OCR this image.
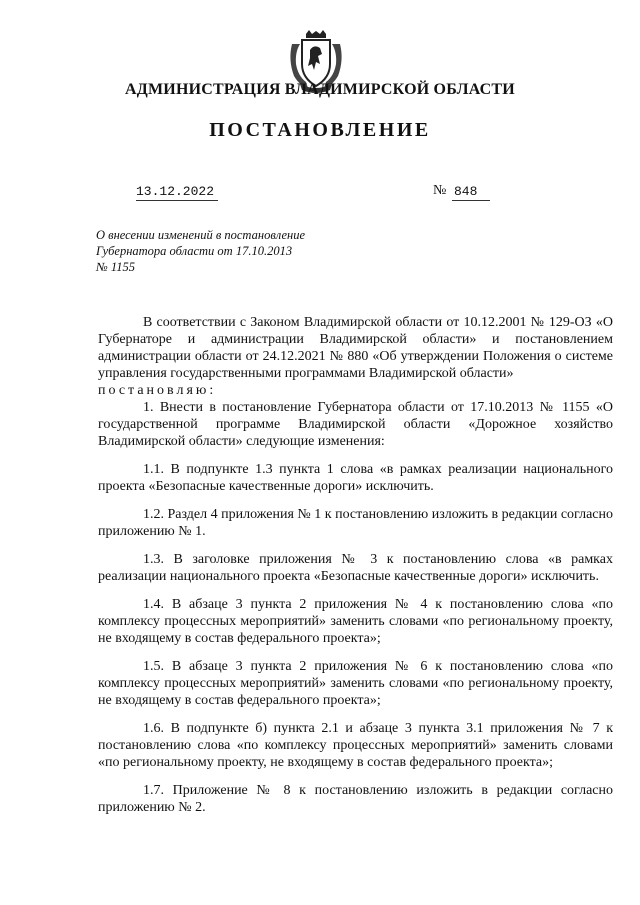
АДМИНИСТРАЦИЯ ВЛАДИМИРСКОЙ ОБЛАСТИ
ПОСТАНОВЛЕНИЕ
13.12.2022	№ 848
О внесении изменений в постановление
Губернатора области от 17.10.2013
№ 1155

В соответствии с Законом Владимирской области от 10.12.2001 № 129-ОЗ «О Губернаторе и администрации Владимирской области» и постановлением администрации области от 24.12.2021 № 880 «Об утверждении Положения о системе управления государственными программами Владимирской области»

постановляю:

1. Внести в постановление Губернатора области от 17.10.2013 № 1155 «О государственной программе Владимирской области «Дорожное хозяйство Владимирской области» следующие изменения:

1.1. В подпункте 1.3 пункта 1 слова «в рамках реализации национального проекта «Безопасные качественные дороги» исключить.

1.2. Раздел 4 приложения № 1 к постановлению изложить в редакции согласно приложению № 1.

1.3. В заголовке приложения № 3 к постановлению слова «в рамках реализации национального проекта «Безопасные качественные дороги» исключить.

1.4. В абзаце 3 пункта 2 приложения № 4 к постановлению слова «по комплексу процессных мероприятий» заменить словами «по региональному проекту, не входящему в состав федерального проекта»;

1.5. В абзаце 3 пункта 2 приложения № 6 к постановлению слова «по комплексу процессных мероприятий» заменить словами «по региональному проекту, не входящему в состав федерального проекта»;

1.6. В подпункте б) пункта 2.1 и абзаце 3 пункта 3.1 приложения № 7 к постановлению слова «по комплексу процессных мероприятий» заменить словами «по региональному проекту, не входящему в состав федерального проекта»;

1.7. Приложение № 8 к постановлению изложить в редакции согласно приложению № 2.
